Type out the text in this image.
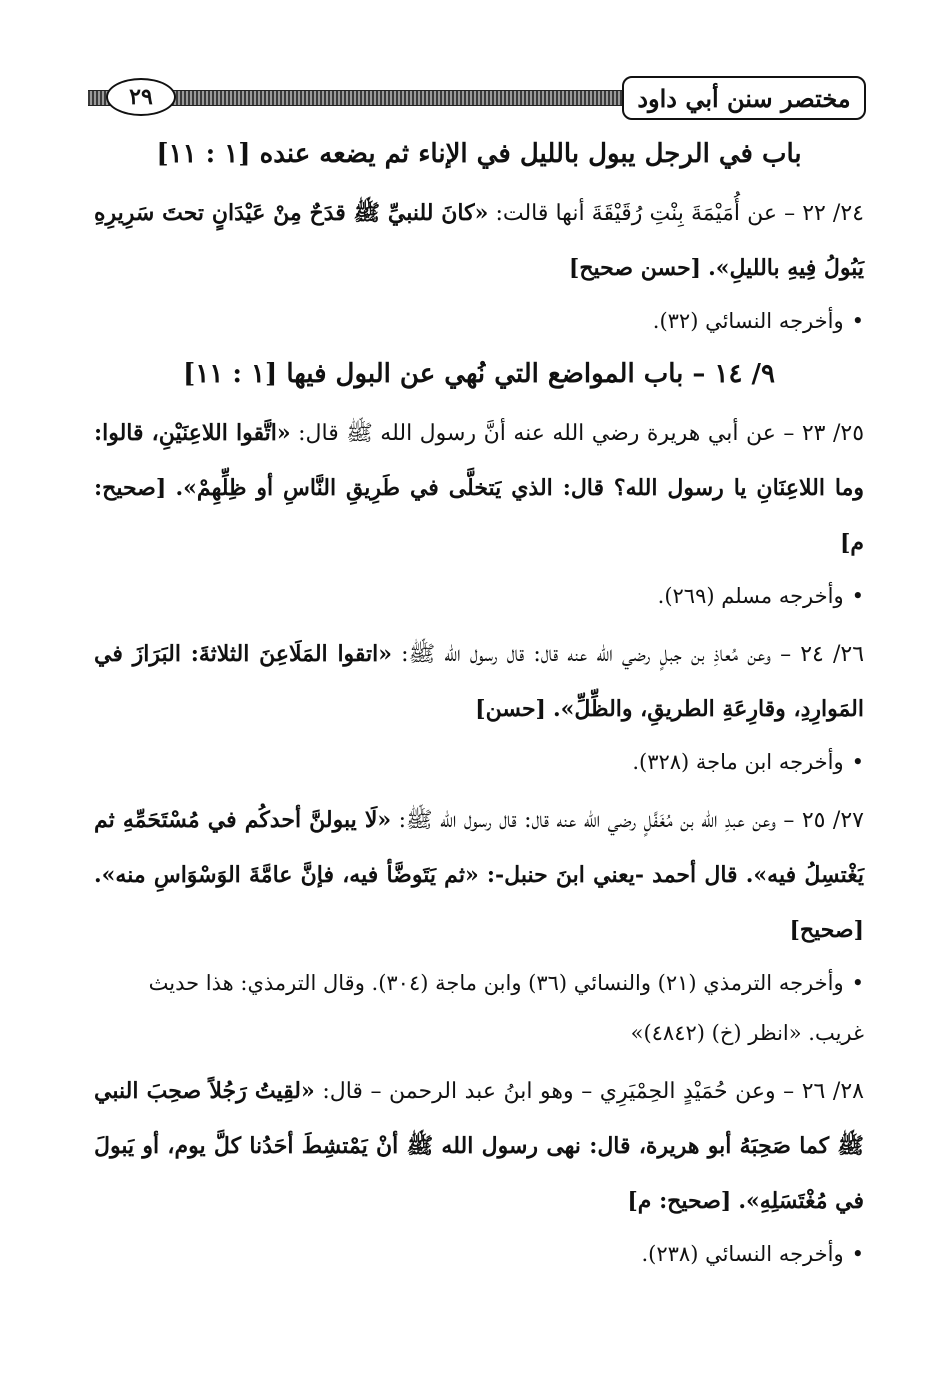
مختصر سنن أبي داود
٢٩
باب في الرجل يبول بالليل في الإناء ثم يضعه عنده [١ : ١١]

٢٤/ ٢٢ – عن أُمَيْمَةَ بِنْتِ رُقَيْقَةَ أنها قالت: «كانَ للنبيِّ ﷺ قدَحٌ مِنْ عَيْدَانٍ تحتَ سَرِيرِهِ يَبُولُ فِيهِ بالليلِ». [حسن صحيح]

•وأخرجه النسائي (٣٢).

٩/ ١٤ – باب المواضع التي نُهي عن البول فيها [١ : ١١]

٢٥/ ٢٣ – عن أبي هريرة رضي الله عنه أنَّ رسول الله ﷺ قال: «اتَّقوا اللاعِنَيْنِ، قالوا: وما اللاعِنَانِ يا رسول الله؟ قال: الذي يَتخلَّى في طَرِيقِ النَّاسِ أو ظِلِّهِمْ». [صحيح: م]

•وأخرجه مسلم (٢٦٩).

٢٦/ ٢٤ – وعن مُعاذِ بن جبلٍ رضي الله عنه قال: قال رسول الله ﷺ: «اتقوا المَلَاعِنَ الثلاثةَ: البَرَازَ في المَوارِدِ، وقارِعَةِ الطريقِ، والظِّلِّ». [حسن]

•وأخرجه ابن ماجة (٣٢٨).

٢٧/ ٢٥ – وعن عبدِ الله بن مُغَفَّلٍ رضي الله عنه قال: قال رسول الله ﷺ: «لَا يبولنَّ أحدكُم في مُسْتَحَمِّهِ ثم يَغْتسِلُ فيه». قال أحمد -يعني ابنَ حنبل-: «ثم يَتَوضَّأ فيه، فإنَّ عامَّةَ الوَسْوَاسِ منه». [صحيح]

•وأخرجه الترمذي (٢١) والنسائي (٣٦) وابن ماجة (٣٠٤). وقال الترمذي: هذا حديث غريب. «انظر (خ) (٤٨٤٢)»

٢٨/ ٢٦ – وعن حُمَيْدٍ الحِمْيَرِي – وهو ابنُ عبد الرحمن – قال: «لقِيتُ رَجُلاً صحِبَ النبي ﷺ كما صَحِبَهُ أبو هريرة، قال: نهى رسول الله ﷺ أنْ يَمْتشِطَ أحَدُنا كلَّ يوم، أو يَبولَ في مُغْتَسَلِهِ». [صحيح: م]

•وأخرجه النسائي (٢٣٨).
